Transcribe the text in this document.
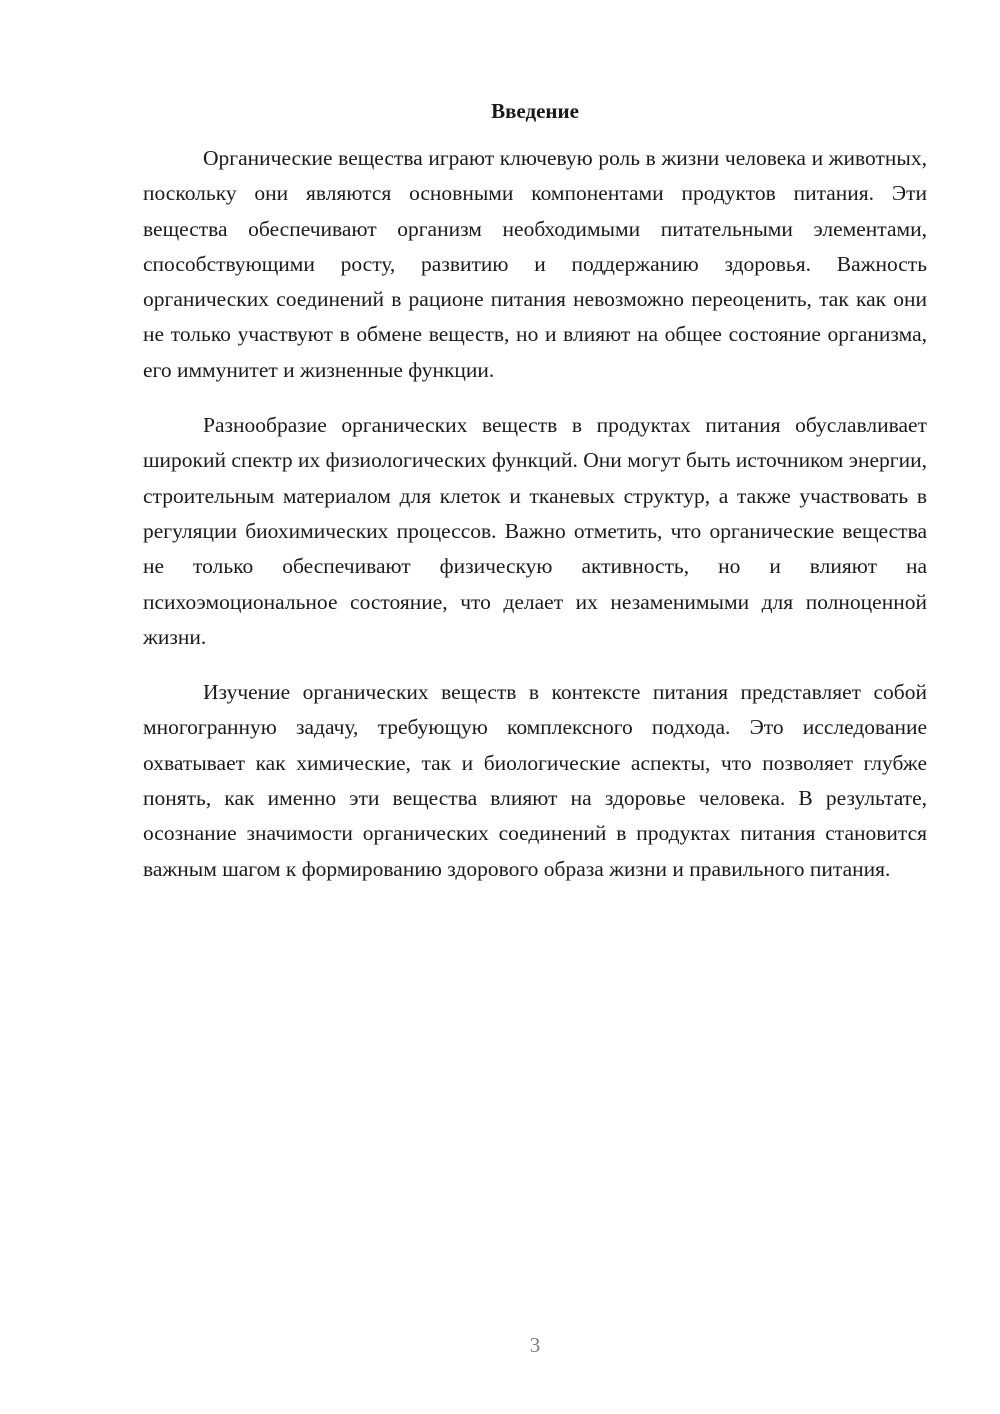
Введение

Органические вещества играют ключевую роль в жизни человека и животных, поскольку они являются основными компонентами продуктов питания. Эти вещества обеспечивают организм необходимыми питательными элементами, способствующими росту, развитию и поддержанию здоровья. Важность органических соединений в рационе питания невозможно переоценить, так как они не только участвуют в обмене веществ, но и влияют на общее состояние организма, его иммунитет и жизненные функции.

Разнообразие органических веществ в продуктах питания обуславливает широкий спектр их физиологических функций. Они могут быть источником энергии, строительным материалом для клеток и тканевых структур, а также участвовать в регуляции биохимических процессов. Важно отметить, что органические вещества не только обеспечивают физическую активность, но и влияют на психоэмоциональное состояние, что делает их незаменимыми для полноценной жизни.

Изучение органических веществ в контексте питания представляет собой многогранную задачу, требующую комплексного подхода. Это исследование охватывает как химические, так и биологические аспекты, что позволяет глубже понять, как именно эти вещества влияют на здоровье человека. В результате, осознание значимости органических соединений в продуктах питания становится важным шагом к формированию здорового образа жизни и правильного питания.

3
